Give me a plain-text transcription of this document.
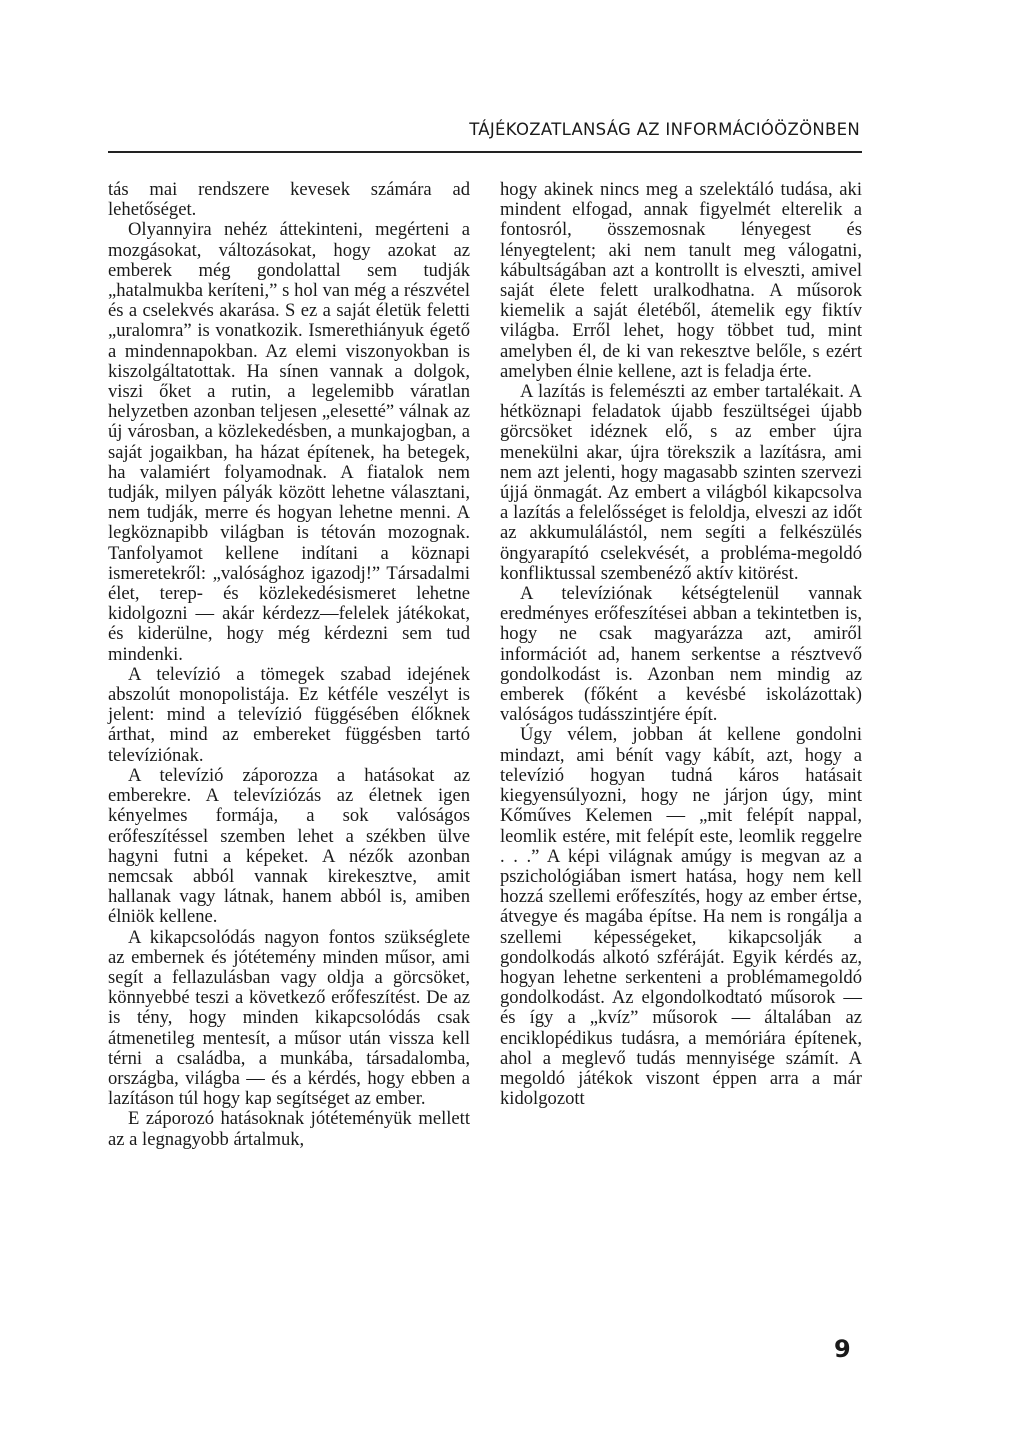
TÁJÉKOZATLANSÁG AZ INFORMÁCIÓÖZÖNBEN

tás mai rendszere kevesek számára ad lehetőséget.

Olyannyira nehéz áttekinteni, megérteni a mozgásokat, változásokat, hogy azokat az emberek még gondolattal sem tudják „hatalmukba keríteni,” s hol van még a részvétel és a cselekvés akarása. S ez a saját életük feletti „uralomra” is vonatkozik. Ismerethiányuk égető a mindennapokban. Az elemi viszonyokban is kiszolgáltatottak. Ha sínen vannak a dolgok, viszi őket a rutin, a legelemibb váratlan helyzetben azonban teljesen „elesetté” válnak az új városban, a közlekedésben, a munkajogban, a saját jogaikban, ha házat építenek, ha betegek, ha valamiért folyamodnak. A fiatalok nem tudják, milyen pályák között lehetne választani, nem tudják, merre és hogyan lehetne menni. A legköznapibb világban is tétován mozognak. Tanfolyamot kellene indítani a köznapi ismeretekről: „valósághoz igazodj!” Társadalmi élet, terep- és közlekedésismeret lehetne kidolgozni — akár kérdezz—felelek játékokat, és kiderülne, hogy még kérdezni sem tud mindenki.

A televízió a tömegek szabad idejének abszolút monopolistája. Ez kétféle veszélyt is jelent: mind a televízió függésében élőknek árthat, mind az embereket függésben tartó televíziónak.

A televízió záporozza a hatásokat az emberekre. A televíziózás az életnek igen kényelmes formája, a sok valóságos erőfeszítéssel szemben lehet a székben ülve hagyni futni a képeket. A nézők azonban nemcsak abból vannak kirekesztve, amit hallanak vagy látnak, hanem abból is, amiben élniök kellene.

A kikapcsolódás nagyon fontos szükséglete az embernek és jótétemény minden műsor, ami segít a fellazulásban vagy oldja a görcsöket, könnyebbé teszi a következő erőfeszítést. De az is tény, hogy minden kikapcsolódás csak átmenetileg mentesít, a műsor után vissza kell térni a családba, a munkába, társadalomba, országba, világba — és a kérdés, hogy ebben a lazításon túl hogy kap segítséget az ember.

E záporozó hatásoknak jótéteményük mellett az a legnagyobb ártalmuk,

hogy akinek nincs meg a szelektáló tudása, aki mindent elfogad, annak figyelmét elterelik a fontosról, összemosnak lényegest és lényegtelent; aki nem tanult meg válogatni, kábultságában azt a kontrollt is elveszti, amivel saját élete felett uralkodhatna. A műsorok kiemelik a saját életéből, átemelik egy fiktív világba. Erről lehet, hogy többet tud, mint amelyben él, de ki van rekesztve belőle, s ezért amelyben élnie kellene, azt is feladja érte.

A lazítás is felemészti az ember tartalékait. A hétköznapi feladatok újabb feszültségei újabb görcsöket idéznek elő, s az ember újra menekülni akar, újra törekszik a lazításra, ami nem azt jelenti, hogy magasabb szinten szervezi újjá önmagát. Az embert a világból kikapcsolva a lazítás a felelősséget is feloldja, elveszi az időt az akkumulálástól, nem segíti a felkészülés öngyarapító cselekvését, a probléma-megoldó konfliktussal szembenéző aktív kitörést.

A televíziónak kétségtelenül vannak eredményes erőfeszítései abban a tekintetben is, hogy ne csak magyarázza azt, amiről információt ad, hanem serkentse a résztvevő gondolkodást is. Azonban nem mindig az emberek (főként a kevésbé iskolázottak) valóságos tudásszintjére épít.

Úgy vélem, jobban át kellene gondolni mindazt, ami bénít vagy kábít, azt, hogy a televízió hogyan tudná káros hatásait kiegyensúlyozni, hogy ne járjon úgy, mint Kőműves Kelemen — „mit felépít nappal, leomlik estére, mit felépít este, leomlik reggelre . . .” A képi világnak amúgy is megvan az a pszichológiában ismert hatása, hogy nem kell hozzá szellemi erőfeszítés, hogy az ember értse, átvegye és magába építse. Ha nem is rongálja a szellemi képességeket, kikapcsolják a gondolkodás alkotó szféráját. Egyik kérdés az, hogyan lehetne serkenteni a problémamegoldó gondolkodást. Az elgondolkodtató műsorok — és így a „kvíz” műsorok — általában az enciklopédikus tudásra, a memóriára építenek, ahol a meglevő tudás mennyisége számít. A megoldó játékok viszont éppen arra a már kidolgozott

9
